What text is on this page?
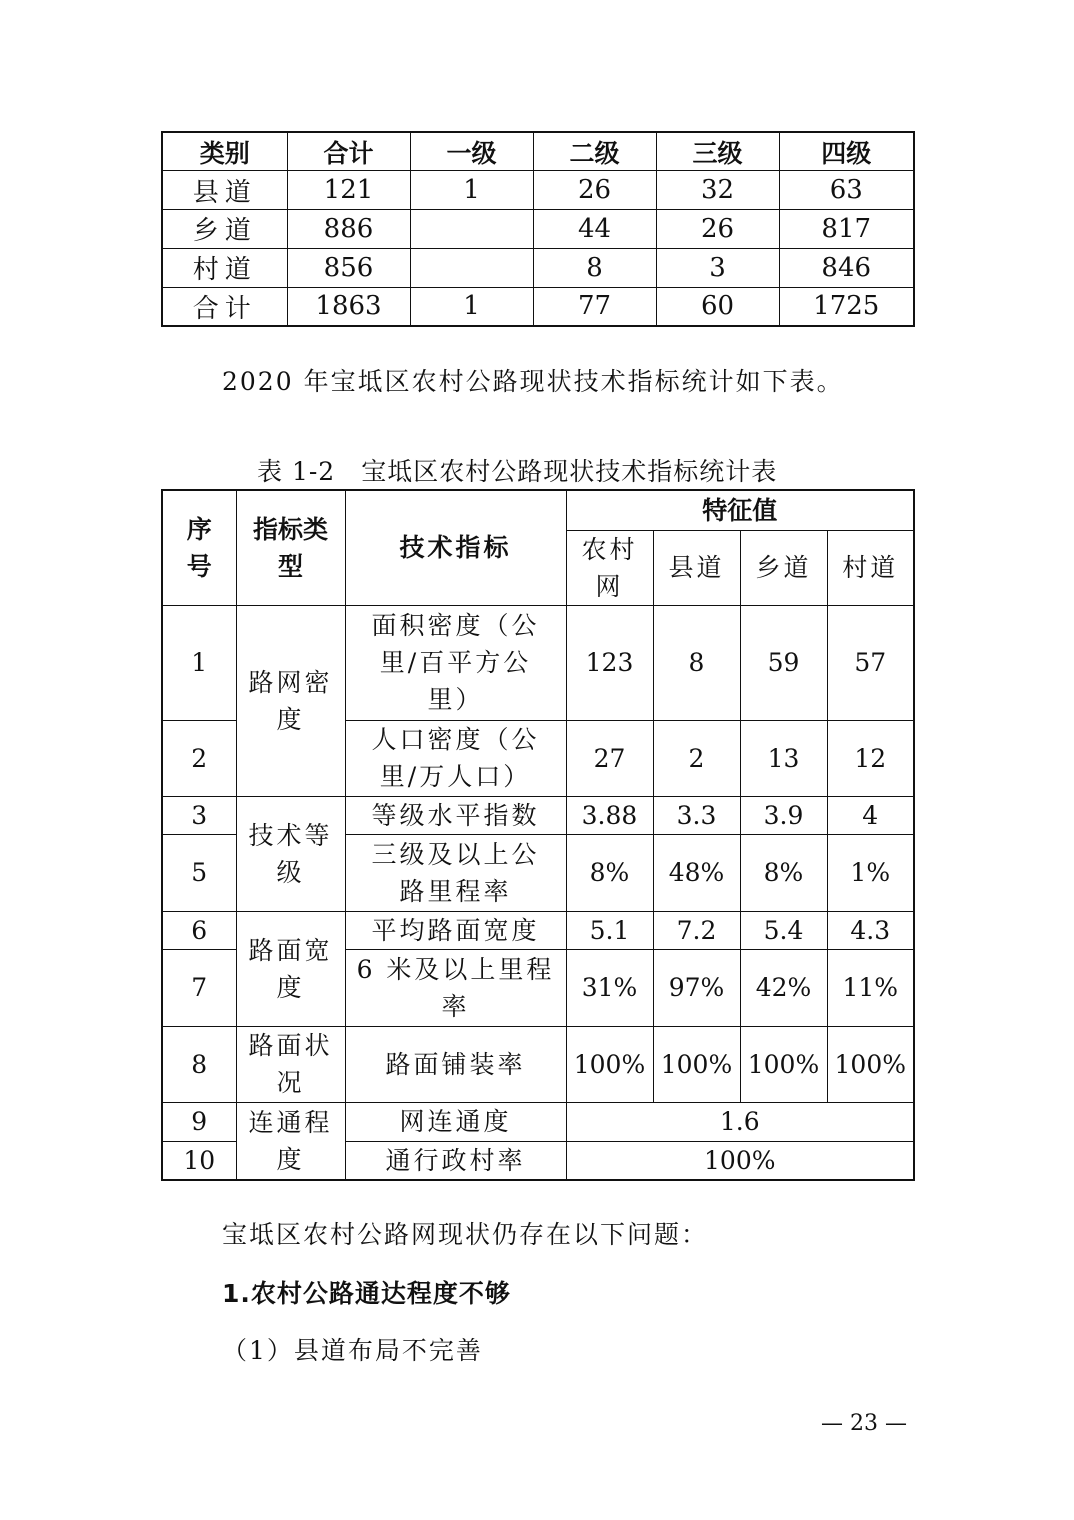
类别	合计	一级	二级	三级	四级
县道	121	1	26	32	63
乡道	886		44	26	817
村道	856		8	3	846
合计	1863	1	77	60	1725
2020 年宝坻区农村公路现状技术指标统计如下表。
表 1-2　宝坻区农村公路现状技术指标统计表
序号	指标类型	技术指标	特征值			
			农村网	县道	乡道	村道
1	路网密度	面积密度（公里/百平方公里）	123	8	59	57
2		人口密度（公里/万人口）	27	2	13	12
3	技术等级	等级水平指数	3.88	3.3	3.9	4
5		三级及以上公路里程率	8%	48%	8%	1%
6	路面宽度	平均路面宽度	5.1	7.2	5.4	4.3
7		6 米及以上里程率	31%	97%	42%	11%
8	路面状况	路面铺装率	100%	100%	100%	100%
9	连通程度	网连通度	1.6			
10		通行政村率	100%			
宝坻区农村公路网现状仍存在以下问题：
1.农村公路通达程度不够
（1）县道布局不完善
— 23 —
